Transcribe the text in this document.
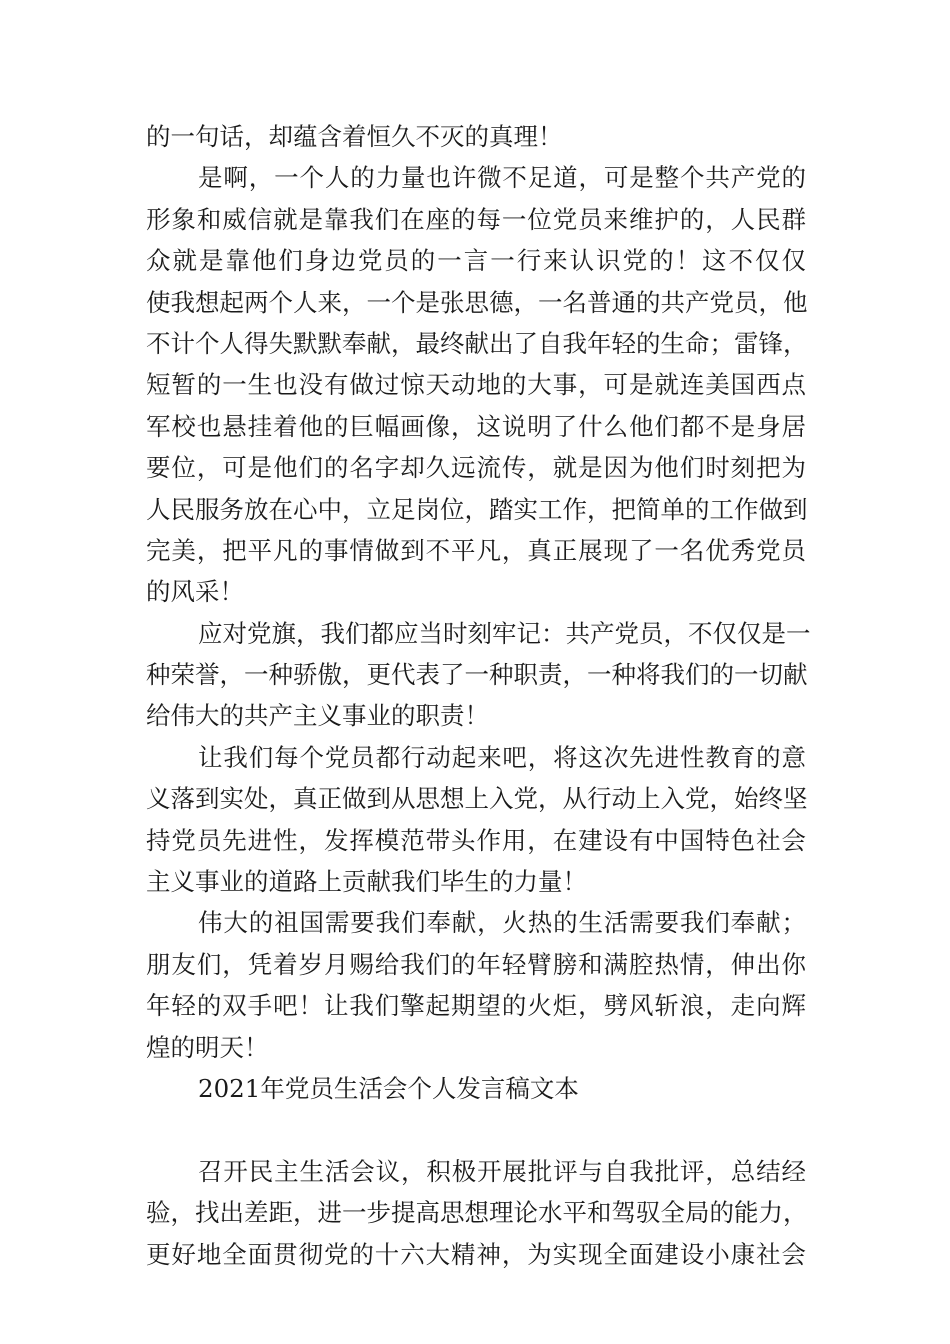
的一句话，却蕴含着恒久不灭的真理！
是啊，一个人的力量也许微不足道，可是整个共产党的
形象和威信就是靠我们在座的每一位党员来维护的，人民群
众就是靠他们身边党员的一言一行来认识党的！这不仅仅
使我想起两个人来，一个是张思德，一名普通的共产党员，他
不计个人得失默默奉献，最终献出了自我年轻的生命；雷锋，
短暂的一生也没有做过惊天动地的大事，可是就连美国西点
军校也悬挂着他的巨幅画像，这说明了什么他们都不是身居
要位，可是他们的名字却久远流传，就是因为他们时刻把为
人民服务放在心中，立足岗位，踏实工作，把简单的工作做到
完美，把平凡的事情做到不平凡，真正展现了一名优秀党员
的风采！
应对党旗，我们都应当时刻牢记：共产党员，不仅仅是一
种荣誉，一种骄傲，更代表了一种职责，一种将我们的一切献
给伟大的共产主义事业的职责！
让我们每个党员都行动起来吧，将这次先进性教育的意
义落到实处，真正做到从思想上入党，从行动上入党，始终坚
持党员先进性，发挥模范带头作用，在建设有中国特色社会
主义事业的道路上贡献我们毕生的力量！
伟大的祖国需要我们奉献，火热的生活需要我们奉献；
朋友们，凭着岁月赐给我们的年轻臂膀和满腔热情，伸出你
年轻的双手吧！让我们擎起期望的火炬，劈风斩浪，走向辉
煌的明天！
2021年党员生活会个人发言稿文本
召开民主生活会议，积极开展批评与自我批评，总结经
验，找出差距，进一步提高思想理论水平和驾驭全局的能力，
更好地全面贯彻党的十六大精神，为实现全面建设小康社会
